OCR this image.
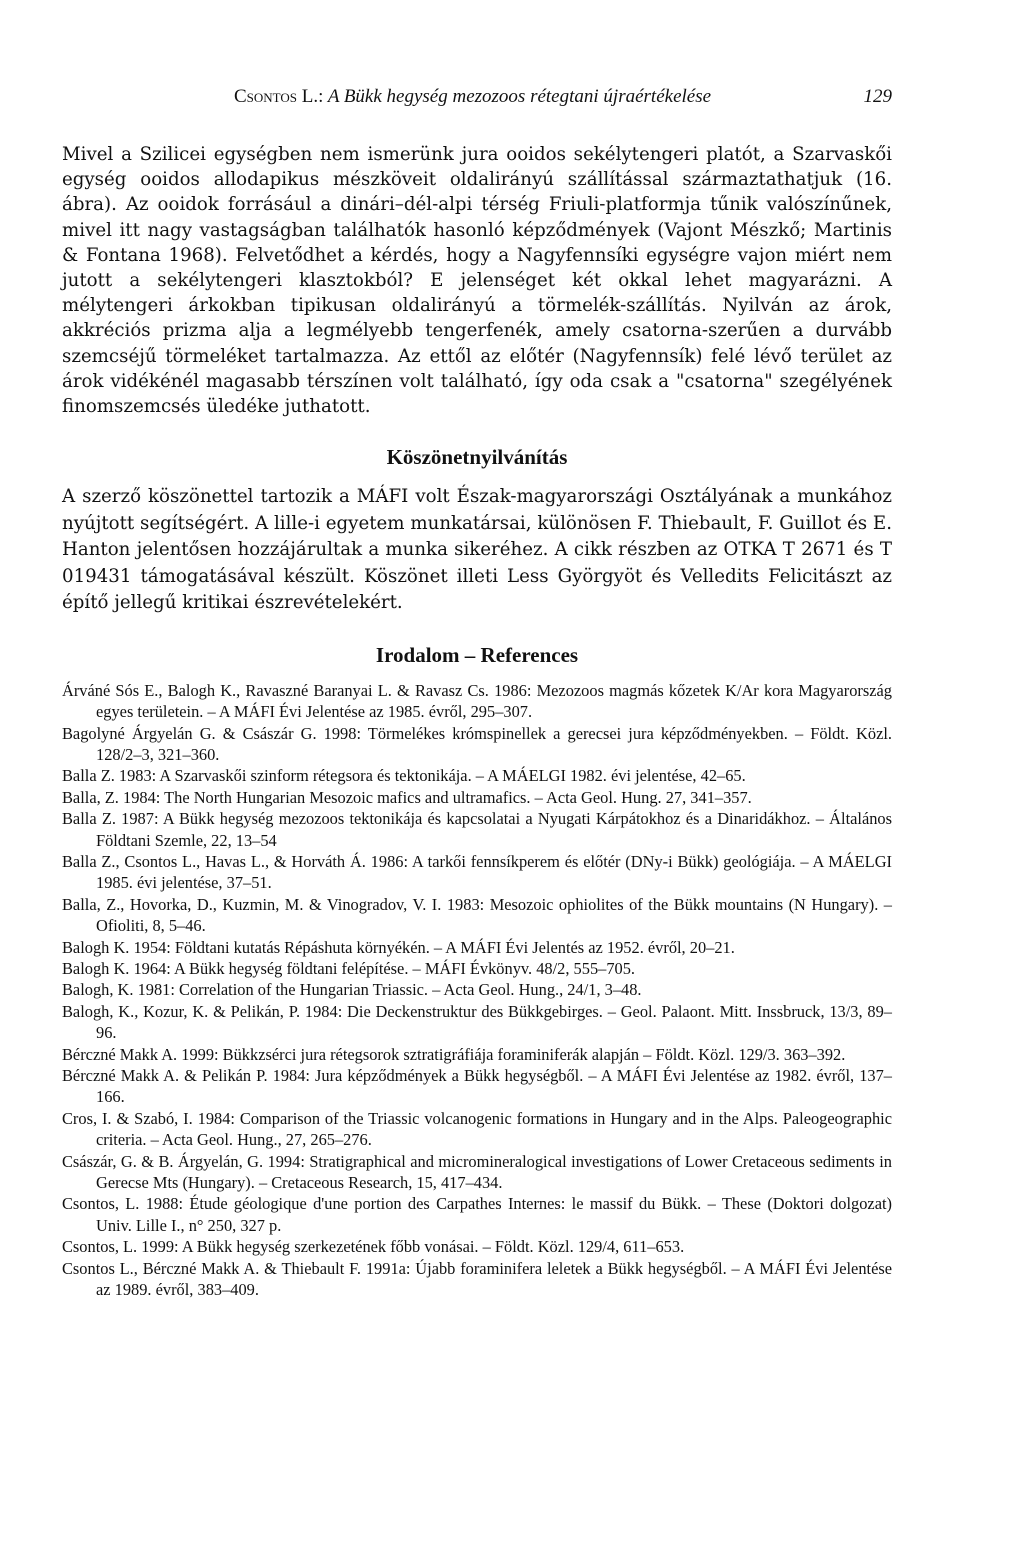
Csontos L.: A Bükk hegység mezozoos rétegtani újraértékelése	129

Mivel a Szilicei egységben nem ismerünk jura ooidos sekélytengeri platót, a Szarvaskői egység ooidos allodapikus mészköveit oldalirányú szállítással származtathatjuk (16. ábra). Az ooidok forrásául a dinári–dél-alpi térség Friuli-platformja tűnik valószínűnek, mivel itt nagy vastagságban találhatók hasonló képződmények (Vajont Mészkő; Martinis & Fontana 1968). Felvetődhet a kérdés, hogy a Nagyfennsíki egységre vajon miért nem jutott a sekélytengeri klasztokból? E jelenséget két okkal lehet magyarázni. A mélytengeri árkokban tipikusan oldalirányú a törmelék-szállítás. Nyilván az árok, akkréciós prizma alja a legmélyebb tengerfenék, amely csatorna-szerűen a durvább szemcséjű törmeléket tartalmazza. Az ettől az előtér (Nagyfennsík) felé lévő terület az árok vidékénél magasabb térszínen volt található, így oda csak a "csatorna" szegélyének finomszemcsés üledéke juthatott.

Köszönetnyilvánítás

A szerző köszönettel tartozik a MÁFI volt Észak-magyarországi Osztályának a munkához nyújtott segítségért. A lille-i egyetem munkatársai, különösen F. Thiebault, F. Guillot és E. Hanton jelentősen hozzájárultak a munka sikeréhez. A cikk részben az OTKA T 2671 és T 019431 támogatásával készült. Köszönet illeti Less Györgyöt és Velledits Felicitászt az építő jellegű kritikai észrevételekért.

Irodalom – References
Árváné Sós E., Balogh K., Ravaszné Baranyai L. & Ravasz Cs. 1986: Mezozoos magmás kőzetek K/Ar kora Magyarország egyes területein. – A MÁFI Évi Jelentése az 1985. évről, 295–307.
Bagolyné Árgyelán G. & Császár G. 1998: Törmelékes krómspinellek a gerecsei jura képződményekben. – Földt. Közl. 128/2–3, 321–360.
Balla Z. 1983: A Szarvaskői szinform rétegsora és tektonikája. – A MÁELGI 1982. évi jelentése, 42–65.
Balla, Z. 1984: The North Hungarian Mesozoic mafics and ultramafics. – Acta Geol. Hung. 27, 341–357.
Balla Z. 1987: A Bükk hegység mezozoos tektonikája és kapcsolatai a Nyugati Kárpátokhoz és a Dinaridákhoz. – Általános Földtani Szemle, 22, 13–54
Balla Z., Csontos L., Havas L., & Horváth Á. 1986: A tarkői fennsíkperem és előtér (DNy-i Bükk) geológiája. – A MÁELGI 1985. évi jelentése, 37–51.
Balla, Z., Hovorka, D., Kuzmin, M. & Vinogradov, V. I. 1983: Mesozoic ophiolites of the Bükk mountains (N Hungary). – Ofioliti, 8, 5–46.
Balogh K. 1954: Földtani kutatás Répáshuta környékén. – A MÁFI Évi Jelentés az 1952. évről, 20–21.
Balogh K. 1964: A Bükk hegység földtani felépítése. – MÁFI Évkönyv. 48/2, 555–705.
Balogh, K. 1981: Correlation of the Hungarian Triassic. – Acta Geol. Hung., 24/1, 3–48.
Balogh, K., Kozur, K. & Pelikán, P. 1984: Die Deckenstruktur des Bükkgebirges. – Geol. Palaont. Mitt. Inssbruck, 13/3, 89–96.
Bérczné Makk A. 1999: Bükkzsérci jura rétegsorok sztratigráfiája foraminiferák alapján – Földt. Közl. 129/3. 363–392.
Bérczné Makk A. & Pelikán P. 1984: Jura képződmények a Bükk hegységből. – A MÁFI Évi Jelentése az 1982. évről, 137–166.
Cros, I. & Szabó, I. 1984: Comparison of the Triassic volcanogenic formations in Hungary and in the Alps. Paleogeographic criteria. – Acta Geol. Hung., 27, 265–276.
Császár, G. & B. Árgyelán, G. 1994: Stratigraphical and micromineralogical investigations of Lower Cretaceous sediments in Gerecse Mts (Hungary). – Cretaceous Research, 15, 417–434.
Csontos, L. 1988: Étude géologique d'une portion des Carpathes Internes: le massif du Bükk. – These (Doktori dolgozat) Univ. Lille I., n° 250, 327 p.
Csontos, L. 1999: A Bükk hegység szerkezetének főbb vonásai. – Földt. Közl. 129/4, 611–653.
Csontos L., Bérczné Makk A. & Thiebault F. 1991a: Újabb foraminifera leletek a Bükk hegységből. – A MÁFI Évi Jelentése az 1989. évről, 383–409.
